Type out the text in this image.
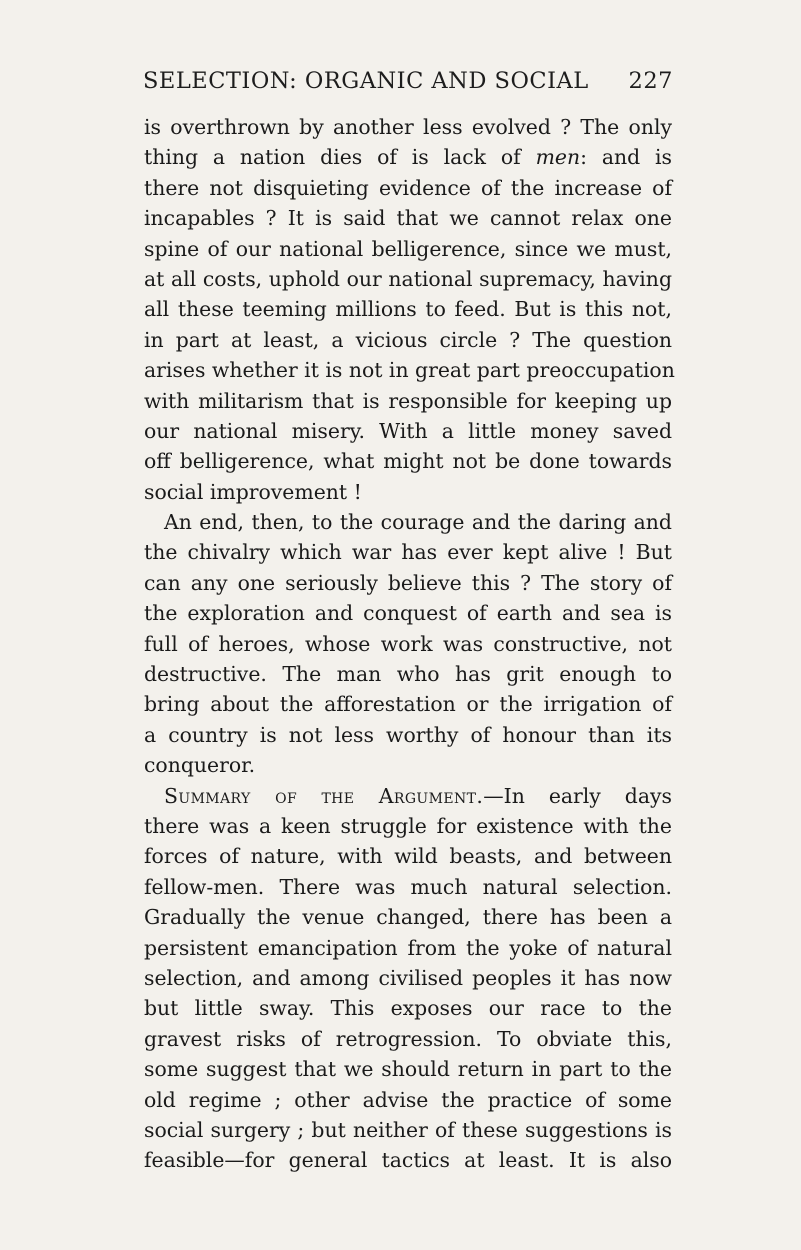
SELECTION: ORGANIC AND SOCIAL 227
is overthrown by another less evolved ? The only
thing a nation dies of is lack of men: and is
there not disquieting evidence of the increase of
incapables ? It is said that we cannot relax one
spine of our national belligerence, since we must,
at all costs, uphold our national supremacy, having
all these teeming millions to feed. But is this not,
in part at least, a vicious circle ? The question
arises whether it is not in great part preoccupation
with militarism that is responsible for keeping up
our national misery. With a little money saved
off belligerence, what might not be done towards
social improvement !
An end, then, to the courage and the daring and
the chivalry which war has ever kept alive ! But
can any one seriously believe this ? The story of
the exploration and conquest of earth and sea is
full of heroes, whose work was constructive, not
destructive. The man who has grit enough to
bring about the afforestation or the irrigation of
a country is not less worthy of honour than its
conqueror.
Summary of the Argument.—In early days
there was a keen struggle for existence with the
forces of nature, with wild beasts, and between
fellow-men. There was much natural selection.
Gradually the venue changed, there has been a
persistent emancipation from the yoke of natural
selection, and among civilised peoples it has now
but little sway. This exposes our race to the
gravest risks of retrogression. To obviate this,
some suggest that we should return in part to the
old regime ; other advise the practice of some
social surgery ; but neither of these suggestions is
feasible—for general tactics at least. It is also
